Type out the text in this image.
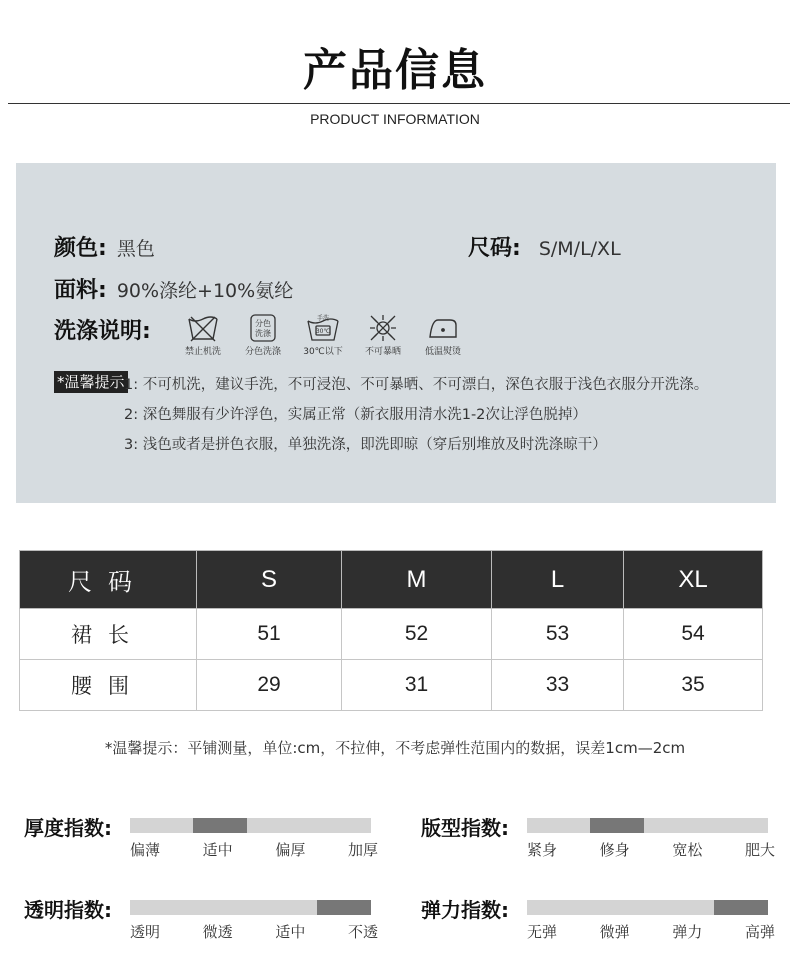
产品信息
PRODUCT INFORMATION
颜色: 黑色	尺码: S/M/L/XL
面料: 90%涤纶+10%氨纶
洗涤说明:
禁止机洗
分色
洗涤
分色洗涤
手洗
30℃
30℃以下 不可暴晒	低温熨烫
*温馨提示 1: 不可机洗，建议手洗，不可浸泡、不可暴晒、不可漂白，深色衣服于浅色衣服分开洗涤。
2: 深色舞服有少许浮色，实属正常（新衣服用清水洗1-2次让浮色脱掉）
3: 浅色或者是拼色衣服，单独洗涤，即洗即晾（穿后别堆放及时洗涤晾干）
尺码	S	M	L	XL
裙长	51	52	53	54
腰围	29	31	33	35
*温馨提示：平铺测量，单位:cm，不拉伸，不考虑弹性范围内的数据，误差1cm—2cm
厚度指数:
偏薄	适中	偏厚	加厚
版型指数:
紧身	修身	宽松	肥大
透明指数:
透明	微透	适中	不透
弹力指数:
无弹	微弹	弹力	高弹
